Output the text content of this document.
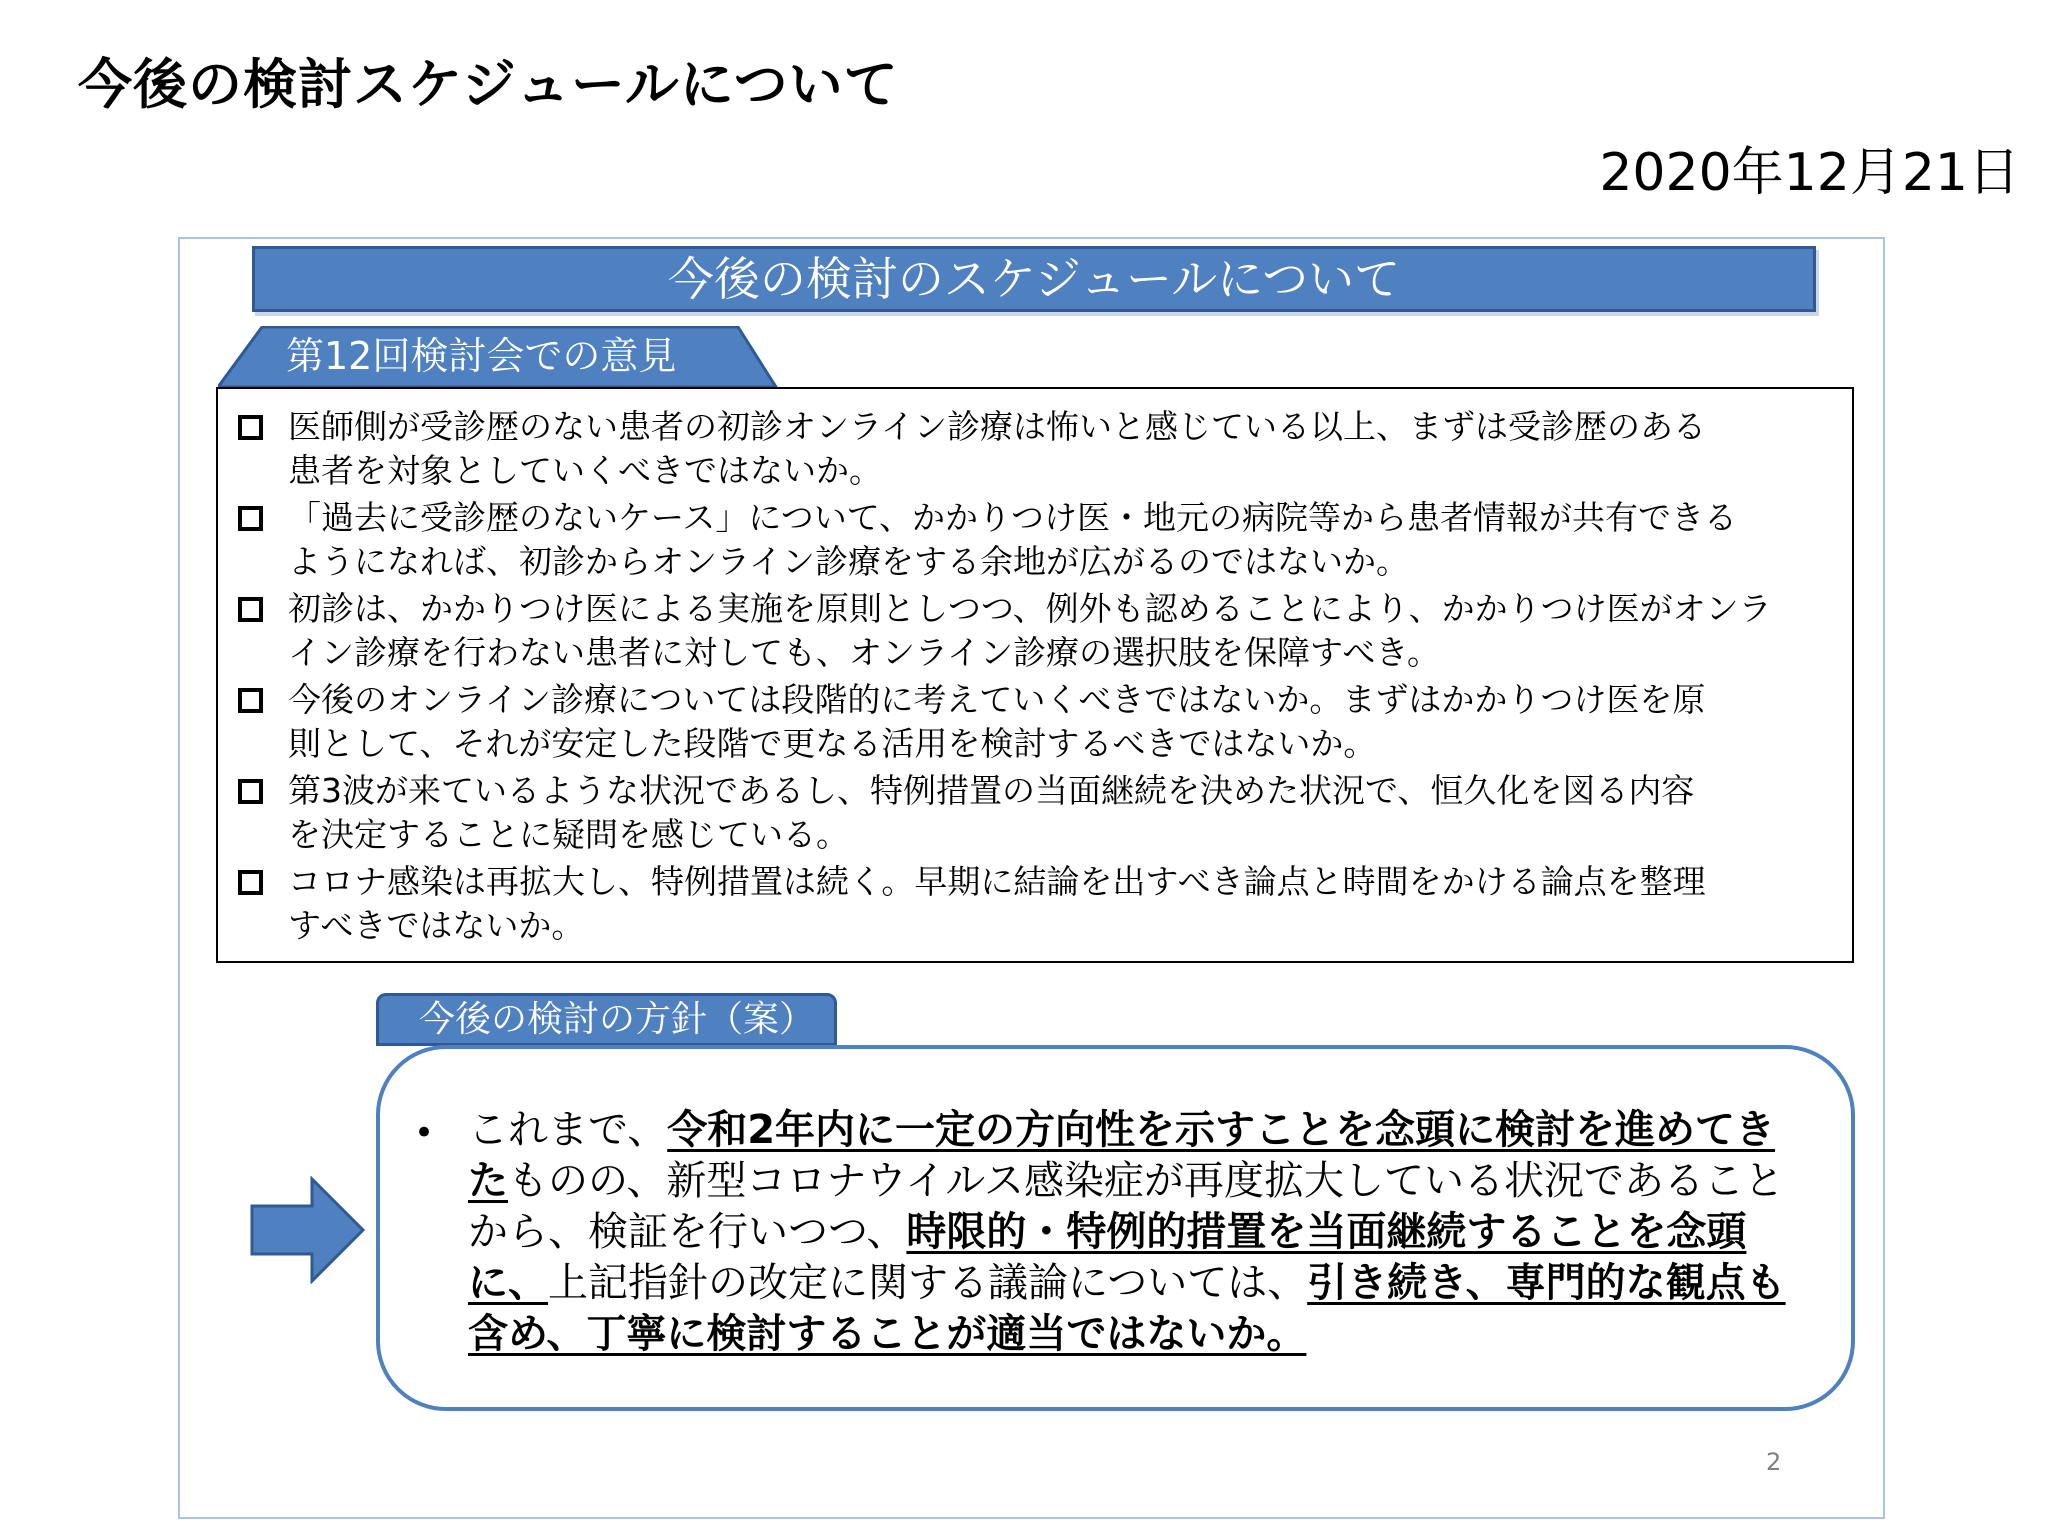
今後の検討スケジュールについて
2020年12月21日
今後の検討のスケジュールについて
第12回検討会での意見
医師側が受診歴のない患者の初診オンライン診療は怖いと感じている以上、まずは受診歴のある
患者を対象としていくべきではないか。
「過去に受診歴のないケース」について、かかりつけ医・地元の病院等から患者情報が共有できる
ようになれば、初診からオンライン診療をする余地が広がるのではないか。
初診は、かかりつけ医による実施を原則としつつ、例外も認めることにより、かかりつけ医がオンラ
イン診療を行わない患者に対しても、オンライン診療の選択肢を保障すべき。
今後のオンライン診療については段階的に考えていくべきではないか。まずはかかりつけ医を原
則として、それが安定した段階で更なる活用を検討するべきではないか。
第3波が来ているような状況であるし、特例措置の当面継続を決めた状況で、恒久化を図る内容
を決定することに疑問を感じている。
コロナ感染は再拡大し、特例措置は続く。早期に結論を出すべき論点と時間をかける論点を整理
すべきではないか。
今後の検討の方針（案）
• これまで、令和2年内に一定の方向性を示すことを念頭に検討を進めてきたものの、新型コロナウイルス感染症が再度拡大している状況であることから、検証を行いつつ、時限的・特例的措置を当面継続することを念頭に、上記指針の改定に関する議論については、引き続き、専門的な観点も含め、丁寧に検討することが適当ではないか。
2
